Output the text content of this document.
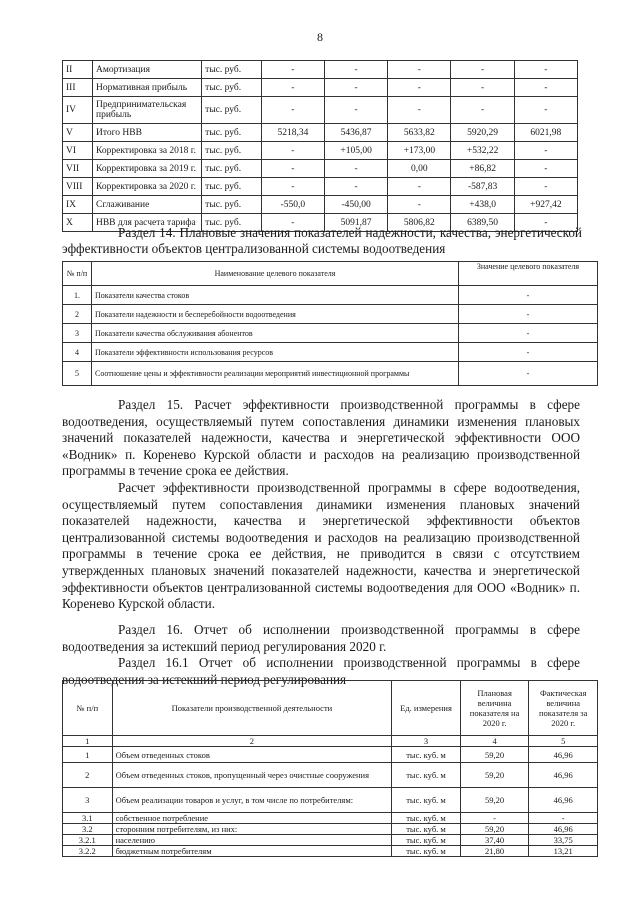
8
II	Амортизация	тыс. руб.	-	-	-	-	-
III	Нормативная прибыль	тыс. руб.	-	-	-	-	-
IV	Предпринимательская прибыль	тыс. руб.	-	-	-	-	-
V	Итого НВВ	тыс. руб.	5218,34	5436,87	5633,82	5920,29	6021,98
VI	Корректировка за 2018 г.	тыс. руб.	-	+105,00	+173,00	+532,22	-
VII	Корректировка за 2019 г.	тыс. руб.	-	-	0,00	+86,82	-
VIII	Корректировка за 2020 г.	тыс. руб.	-	-	-	-587,83	-
IX	Сглаживание	тыс. руб.	-550,0	-450,00	-	+438,0	+927,42
X	НВВ для расчета тарифа	тыс. руб.	-	5091,87	5806,82	6389,50	-
Раздел 14. Плановые значения показателей надежности, качества, энергетической эффективности объектов централизованной системы водоотведения
№ п/п	Наименование целевого показателя	Значение целевого показателя
1.	Показатели качества стоков	-
2	Показатели надежности и бесперебойности водоотведения	-
3	Показатели качества обслуживания абонентов	-
4	Показатели эффективности использования ресурсов	-
5	Соотношение цены и эффективности реализации мероприятий инвестиционной программы	-
Раздел 15. Расчет эффективности производственной программы в сфере водоотведения, осуществляемый путем сопоставления динамики изменения плановых значений показателей надежности, качества и энергетической эффективности ООО «Водник» п. Коренево Курской области и расходов на реализацию производственной программы в течение срока ее действия.
Расчет эффективности производственной программы в сфере водоотведения, осуществляемый путем сопоставления динамики изменения плановых значений показателей надежности, качества и энергетической эффективности объектов централизованной системы водоотведения и расходов на реализацию производственной программы в течение срока ее действия, не приводится в связи с отсутствием утвержденных плановых значений показателей надежности, качества и энергетической эффективности объектов централизованной системы водоотведения для ООО «Водник» п. Коренево Курской области.
Раздел 16. Отчет об исполнении производственной программы в сфере водоотведения за истекший период регулирования 2020 г.
Раздел 16.1 Отчет об исполнении производственной программы в сфере водоотведения за истекший период регулирования
№ п/п	Показатели производственной деятельности	Ед. измерения	Плановая величина показателя на 2020 г.	Фактическая величина показателя за 2020 г.
1	2	3	4	5
1	Объем отведенных стоков	тыс. куб. м	59,20	46,96
2	Объем отведенных стоков, пропущенный через очистные сооружения	тыс. куб. м	59,20	46,96
3	Объем реализации товаров и услуг, в том числе по потребителям:	тыс. куб. м	59,20	46,96
3.1	собственное потребление	тыс. куб. м	-	-
3.2	сторонним потребителям, из них:	тыс. куб. м	59,20	46,96
3.2.1	населению	тыс. куб. м	37,40	33,75
3.2.2	бюджетным потребителям	тыс. куб. м	21,80	13,21
